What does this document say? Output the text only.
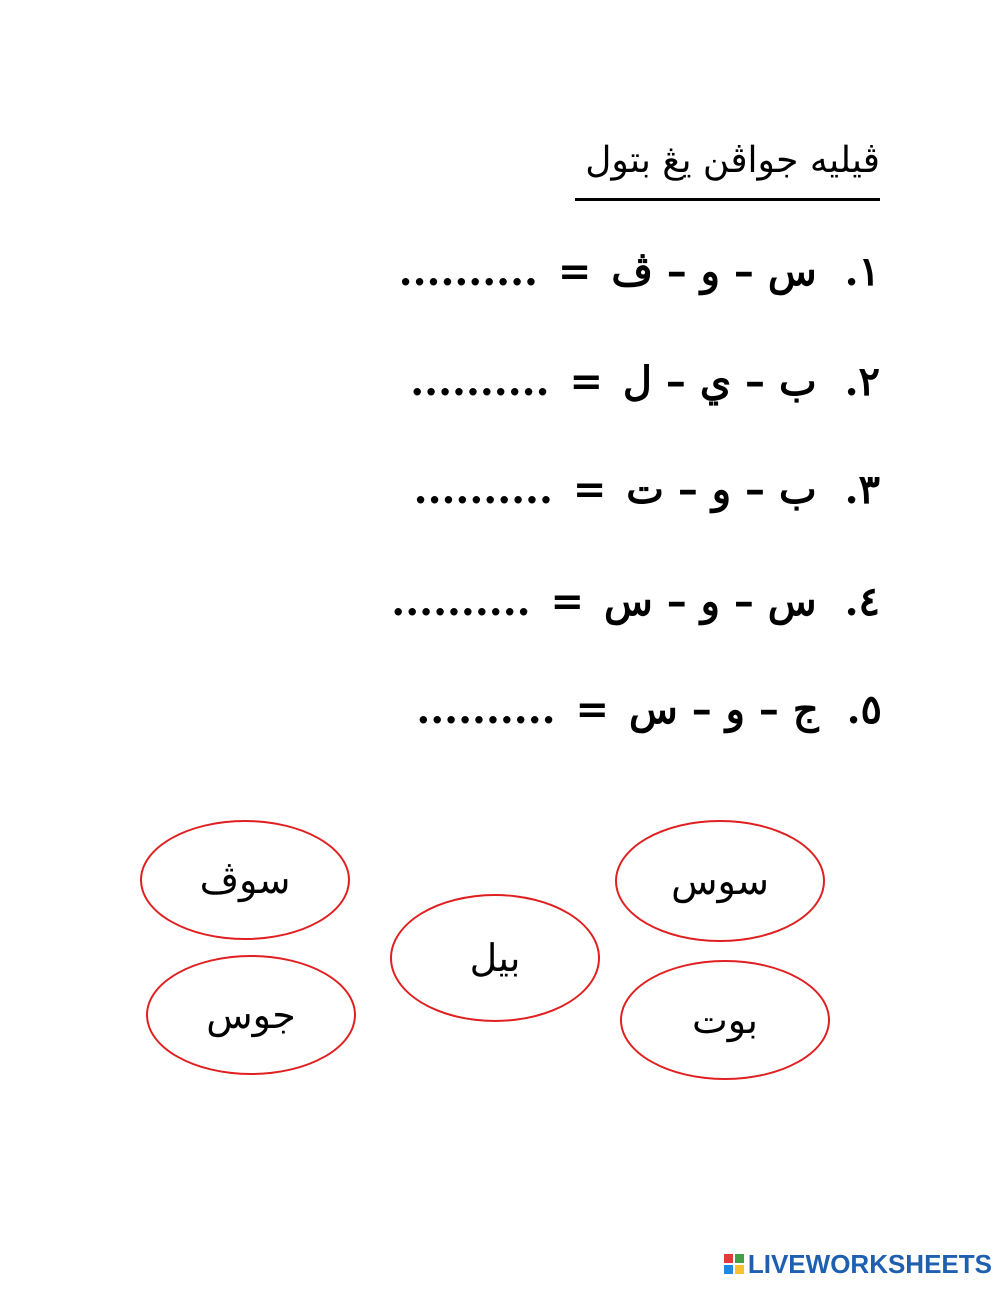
ڤيليه جواڤن يڠ بتول
١. س – و – ڤ = ..........
٢. ب – ي – ل = ..........
٣. ب – و – ت = ..........
٤. س – و – س = ..........
٥. ج – و – س = ..........
سوڤ
جوس
بيل
سوس
بوت
LIVEWORKSHEETS
